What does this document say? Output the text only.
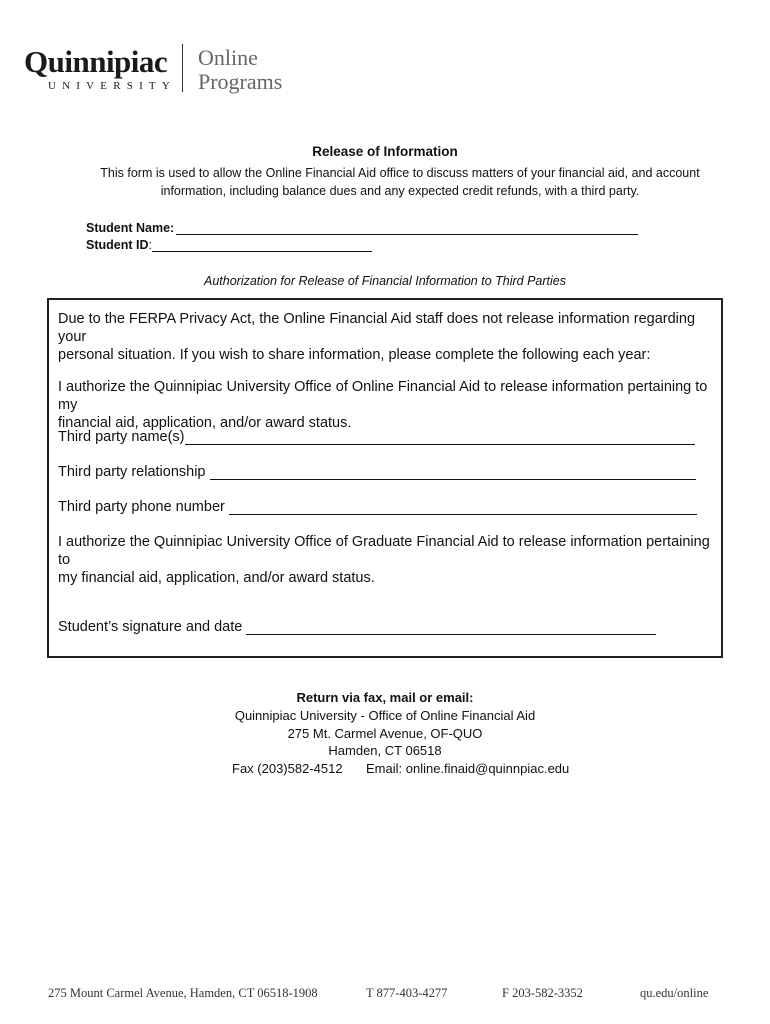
Quinnipiac
UNIVERSITY
Online
Programs
Release of Information
This form is used to allow the Online Financial Aid office to discuss matters of your financial aid, and account
information, including balance dues and any expected credit refunds, with a third party.
Student Name:
Student ID :
Authorization for Release of Financial Information to Third Parties
Due to the FERPA Privacy Act, the Online Financial Aid staff does not release information regarding your
personal situation. If you wish to share information, please complete the following each year:
I authorize the Quinnipiac University Office of Online Financial Aid to release information pertaining to my
financial aid, application, and/or award status.
Third party name(s)
Third party relationship
Third party phone number
I authorize the Quinnipiac University Office of Graduate Financial Aid to release information pertaining to
my financial aid, application, and/or award status.
Student’s signature and date
Return via fax, mail or email:
Quinnipiac University - Office of Online Financial Aid
275 Mt. Carmel Avenue, OF-QUO
Hamden, CT 06518
Fax (203)582-4512 Email: online.finaid@quinnpiac.edu
275 Mount Carmel Avenue, Hamden, CT 06518-1908	T 877-403-4277	F 203-582-3352	qu.edu/online
